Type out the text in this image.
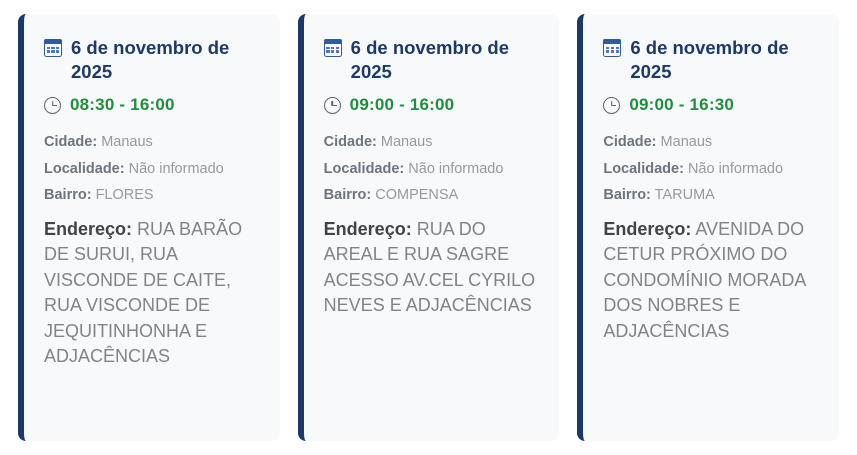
6 de novembro de 2025
08:30 - 16:00
Cidade: Manaus
Localidade: Não informado
Bairro: FLORES
Endereço: RUA BARÃO DE SURUI, RUA VISCONDE DE CAITE, RUA VISCONDE DE JEQUITINHONHA E ADJACÊNCIAS
6 de novembro de 2025
09:00 - 16:00
Cidade: Manaus
Localidade: Não informado
Bairro: COMPENSA
Endereço: RUA DO AREAL E RUA SAGRE ACESSO AV.CEL CYRILO NEVES E ADJACÊNCIAS
6 de novembro de 2025
09:00 - 16:30
Cidade: Manaus
Localidade: Não informado
Bairro: TARUMA
Endereço: AVENIDA DO CETUR PRÓXIMO DO CONDOMÍNIO MORADA DOS NOBRES E ADJACÊNCIAS
